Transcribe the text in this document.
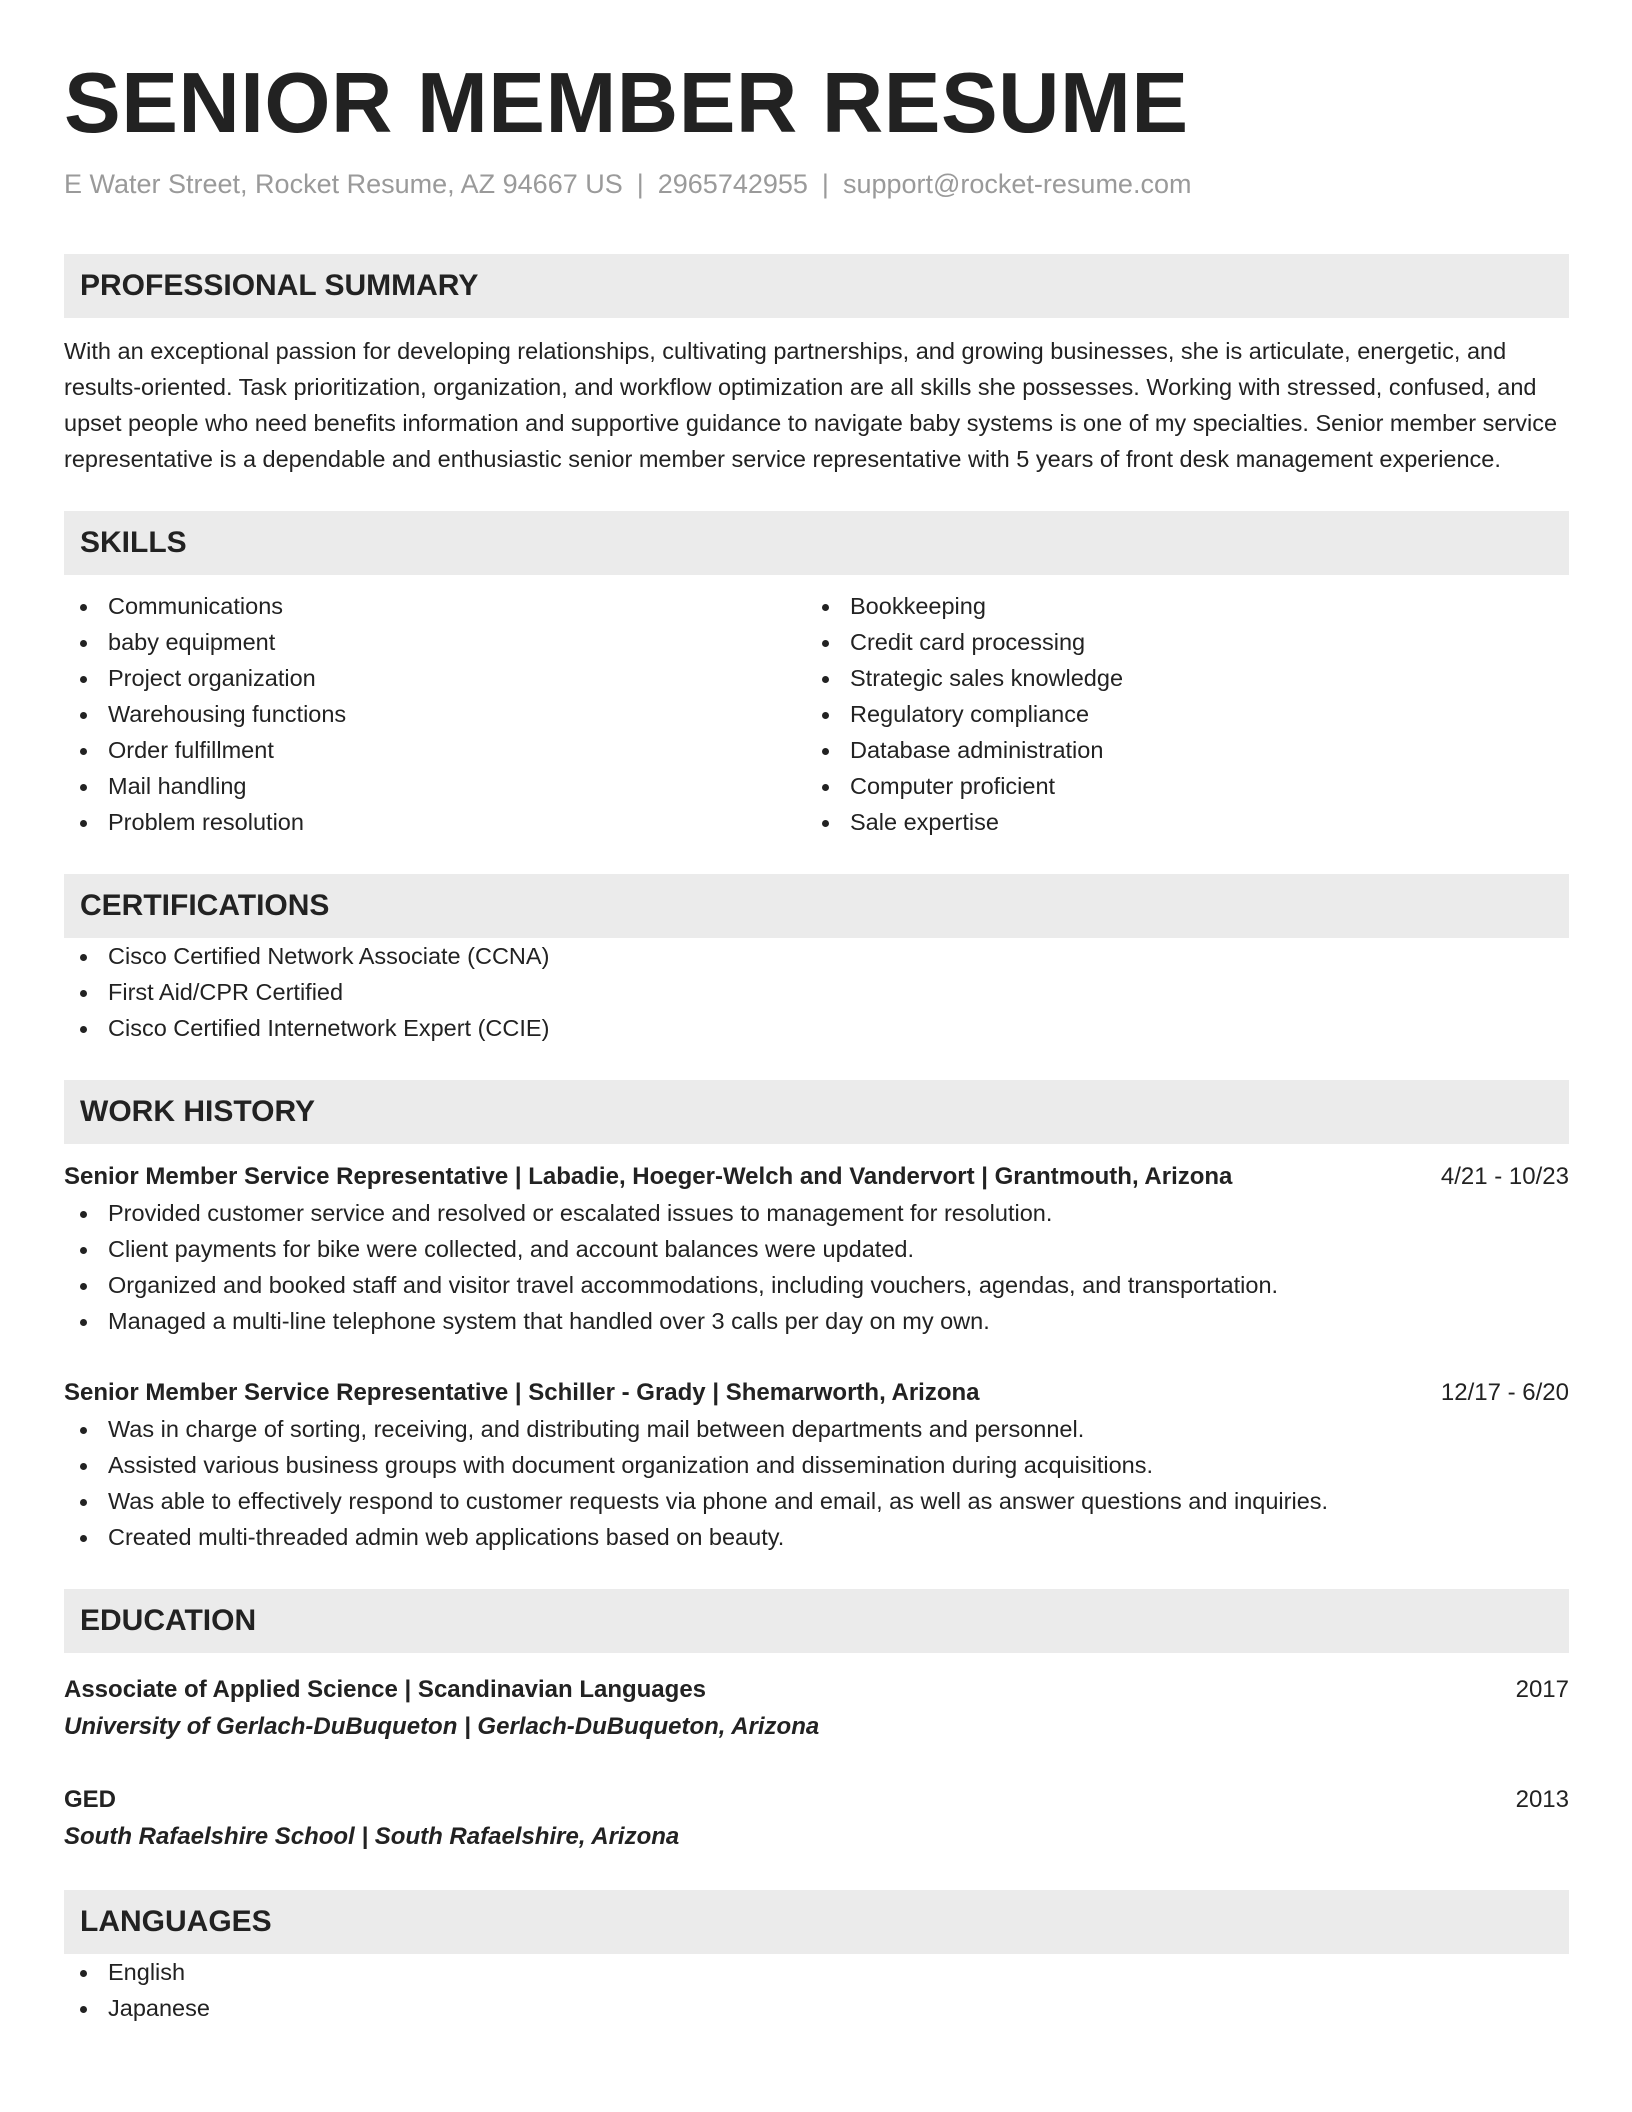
SENIOR MEMBER RESUME
E Water Street, Rocket Resume, AZ 94667 US | 2965742955 | support@rocket-resume.com
PROFESSIONAL SUMMARY

With an exceptional passion for developing relationships, cultivating partnerships, and growing businesses, she is articulate, energetic, and results-oriented. Task prioritization, organization, and workflow optimization are all skills she possesses. Working with stressed, confused, and upset people who need benefits information and supportive guidance to navigate baby systems is one of my specialties. Senior member service representative is a dependable and enthusiastic senior member service representative with 5 years of front desk management experience.

SKILLS
Communications
baby equipment
Project organization
Warehousing functions
Order fulfillment
Mail handling
Problem resolution
Bookkeeping
Credit card processing
Strategic sales knowledge
Regulatory compliance
Database administration
Computer proficient
Sale expertise
CERTIFICATIONS
Cisco Certified Network Associate (CCNA)
First Aid/CPR Certified
Cisco Certified Internetwork Expert (CCIE)
WORK HISTORY
Senior Member Service Representative | Labadie, Hoeger-Welch and Vandervort | Grantmouth, Arizona	4/21 - 10/23
Provided customer service and resolved or escalated issues to management for resolution.
Client payments for bike were collected, and account balances were updated.
Organized and booked staff and visitor travel accommodations, including vouchers, agendas, and transportation.
Managed a multi-line telephone system that handled over 3 calls per day on my own.
Senior Member Service Representative | Schiller - Grady | Shemarworth, Arizona	12/17 - 6/20
Was in charge of sorting, receiving, and distributing mail between departments and personnel.
Assisted various business groups with document organization and dissemination during acquisitions.
Was able to effectively respond to customer requests via phone and email, as well as answer questions and inquiries.
Created multi-threaded admin web applications based on beauty.
EDUCATION
Associate of Applied Science | Scandinavian Languages	2017
University of Gerlach-DuBuqueton | Gerlach-DuBuqueton, Arizona
GED	2013
South Rafaelshire School | South Rafaelshire, Arizona
LANGUAGES
English
Japanese
